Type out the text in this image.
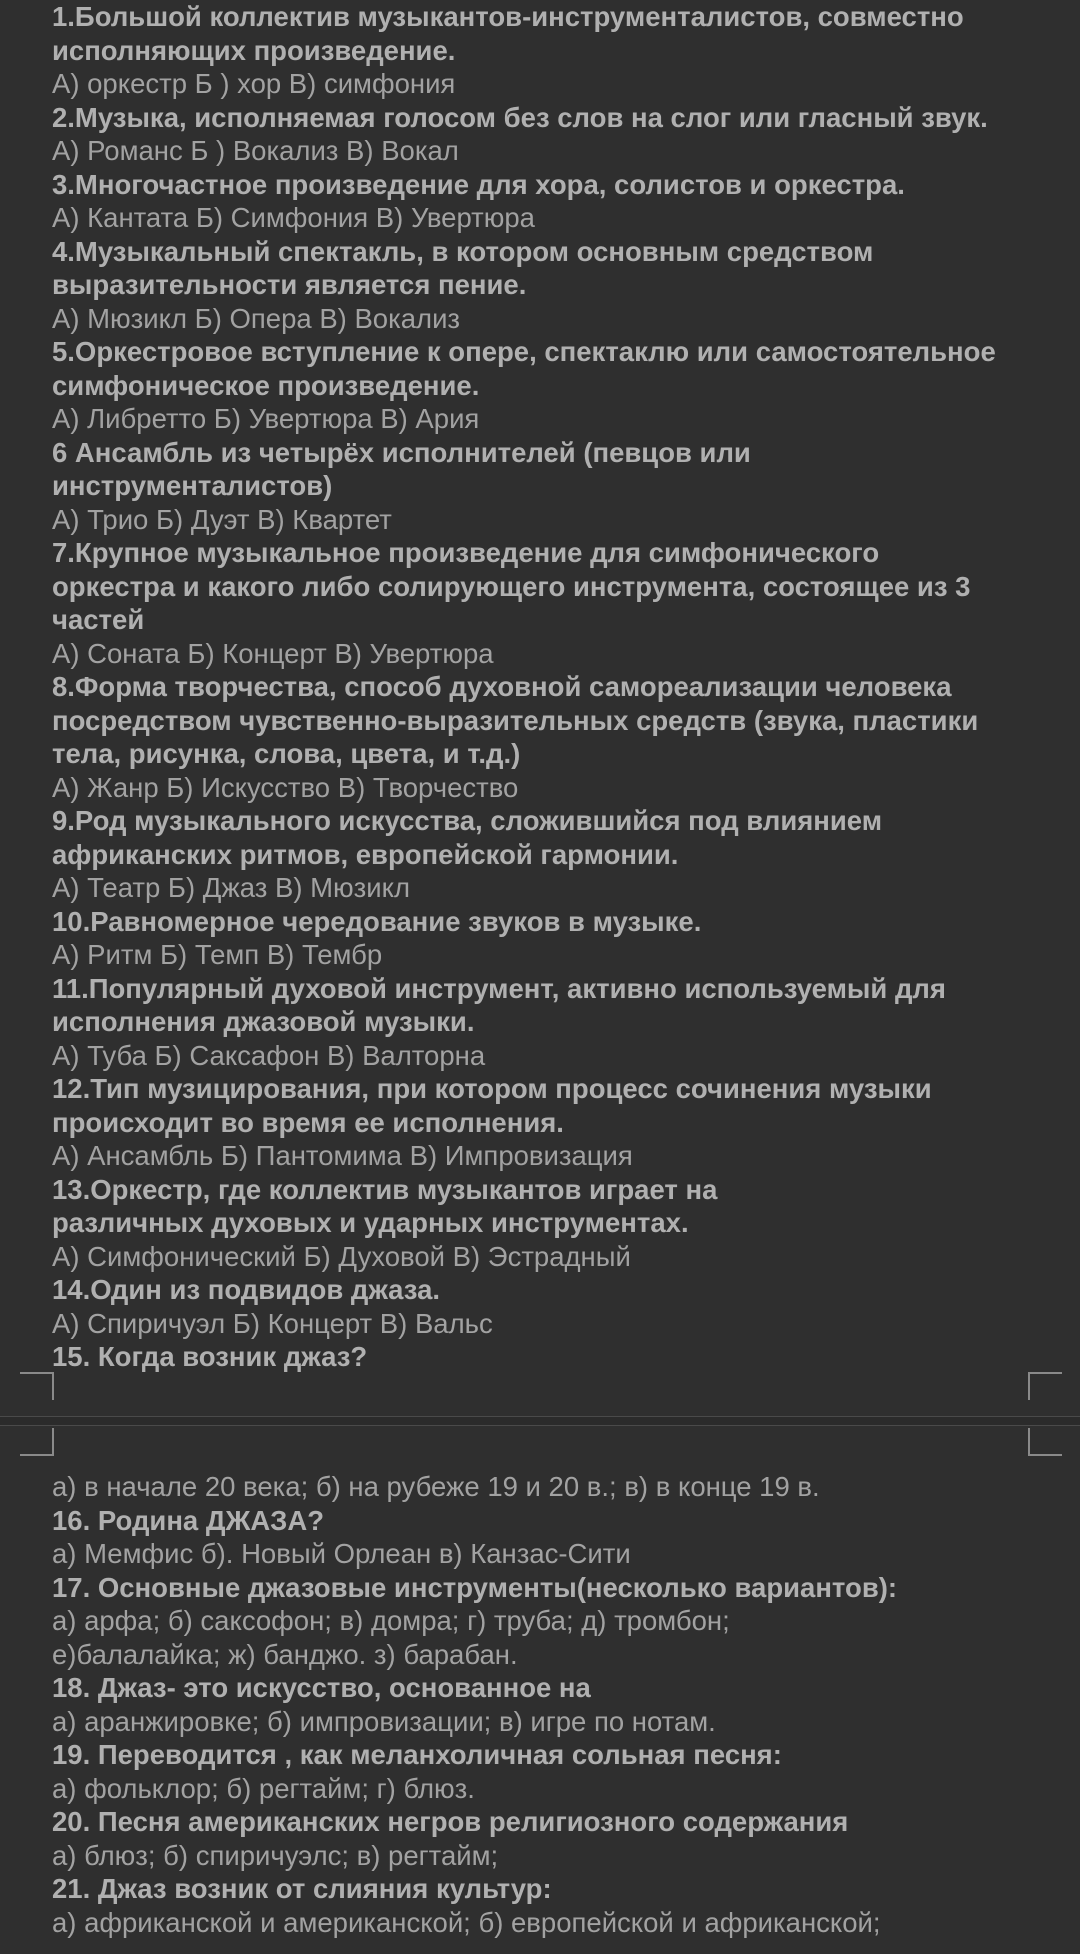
1.Большой коллектив музыкантов-инструменталистов, совместно
исполняющих произведение.
А) оркестр Б ) хор В) симфония
2.Музыка, исполняемая голосом без слов на слог или гласный звук.
А) Романс Б ) Вокализ В) Вокал
3.Многочастное произведение для хора, солистов и оркестра.
А) Кантата Б) Симфония В) Увертюра
4.Музыкальный спектакль, в котором основным средством
выразительности является пение.
А) Мюзикл Б) Опера В) Вокализ
5.Оркестровое вступление к опере, спектаклю или самостоятельное
симфоническое произведение.
А) Либретто Б) Увертюра В) Ария
6 Ансамбль из четырёх исполнителей (певцов или
инструменталистов)
А) Трио Б) Дуэт В) Квартет
7.Крупное музыкальное произведение для симфонического
оркестра и какого либо солирующего инструмента, состоящее из 3
частей
А) Соната Б) Концерт В) Увертюра
8.Форма творчества, способ духовной самореализации человека
посредством чувственно-выразительных средств (звука, пластики
тела, рисунка, слова, цвета, и т.д.)
А) Жанр Б) Искусство В) Творчество
9.Род музыкального искусства, сложившийся под влиянием
африканских ритмов, европейской гармонии.
А) Театр Б) Джаз В) Мюзикл
10.Равномерное чередование звуков в музыке.
А) Ритм Б) Темп В) Тембр
11.Популярный духовой инструмент, активно используемый для
исполнения джазовой музыки.
А) Туба Б) Саксафон В) Валторна
12.Тип музицирования, при котором процесс сочинения музыки
происходит во время ее исполнения.
А) Ансамбль Б) Пантомима В) Импровизация
13.Оркестр, где коллектив музыкантов играет на
различных духовых и ударных инструментах.
А) Симфонический Б) Духовой В) Эстрадный
14.Один из подвидов джаза.
А) Спиричуэл Б) Концерт В) Вальс
15. Когда возник джаз?
а) в начале 20 века; б) на рубеже 19 и 20 в.; в) в конце 19 в.
16. Родина ДЖАЗА?
а) Мемфис б). Новый Орлеан в) Канзас-Сити
17. Основные джазовые инструменты(несколько вариантов):
а) арфа; б) саксофон; в) домра; г) труба; д) тромбон;
е)балалайка; ж) банджо. з) барабан.
18. Джаз- это искусство, основанное на
а) аранжировке; б) импровизации; в) игре по нотам.
19. Переводится , как меланхоличная сольная песня:
а) фольклор; б) регтайм; г) блюз.
20. Песня американских негров религиозного содержания
а) блюз; б) спиричуэлс; в) регтайм;
21. Джаз возник от слияния культур:
а) африканской и американской; б) европейской и африканской;
